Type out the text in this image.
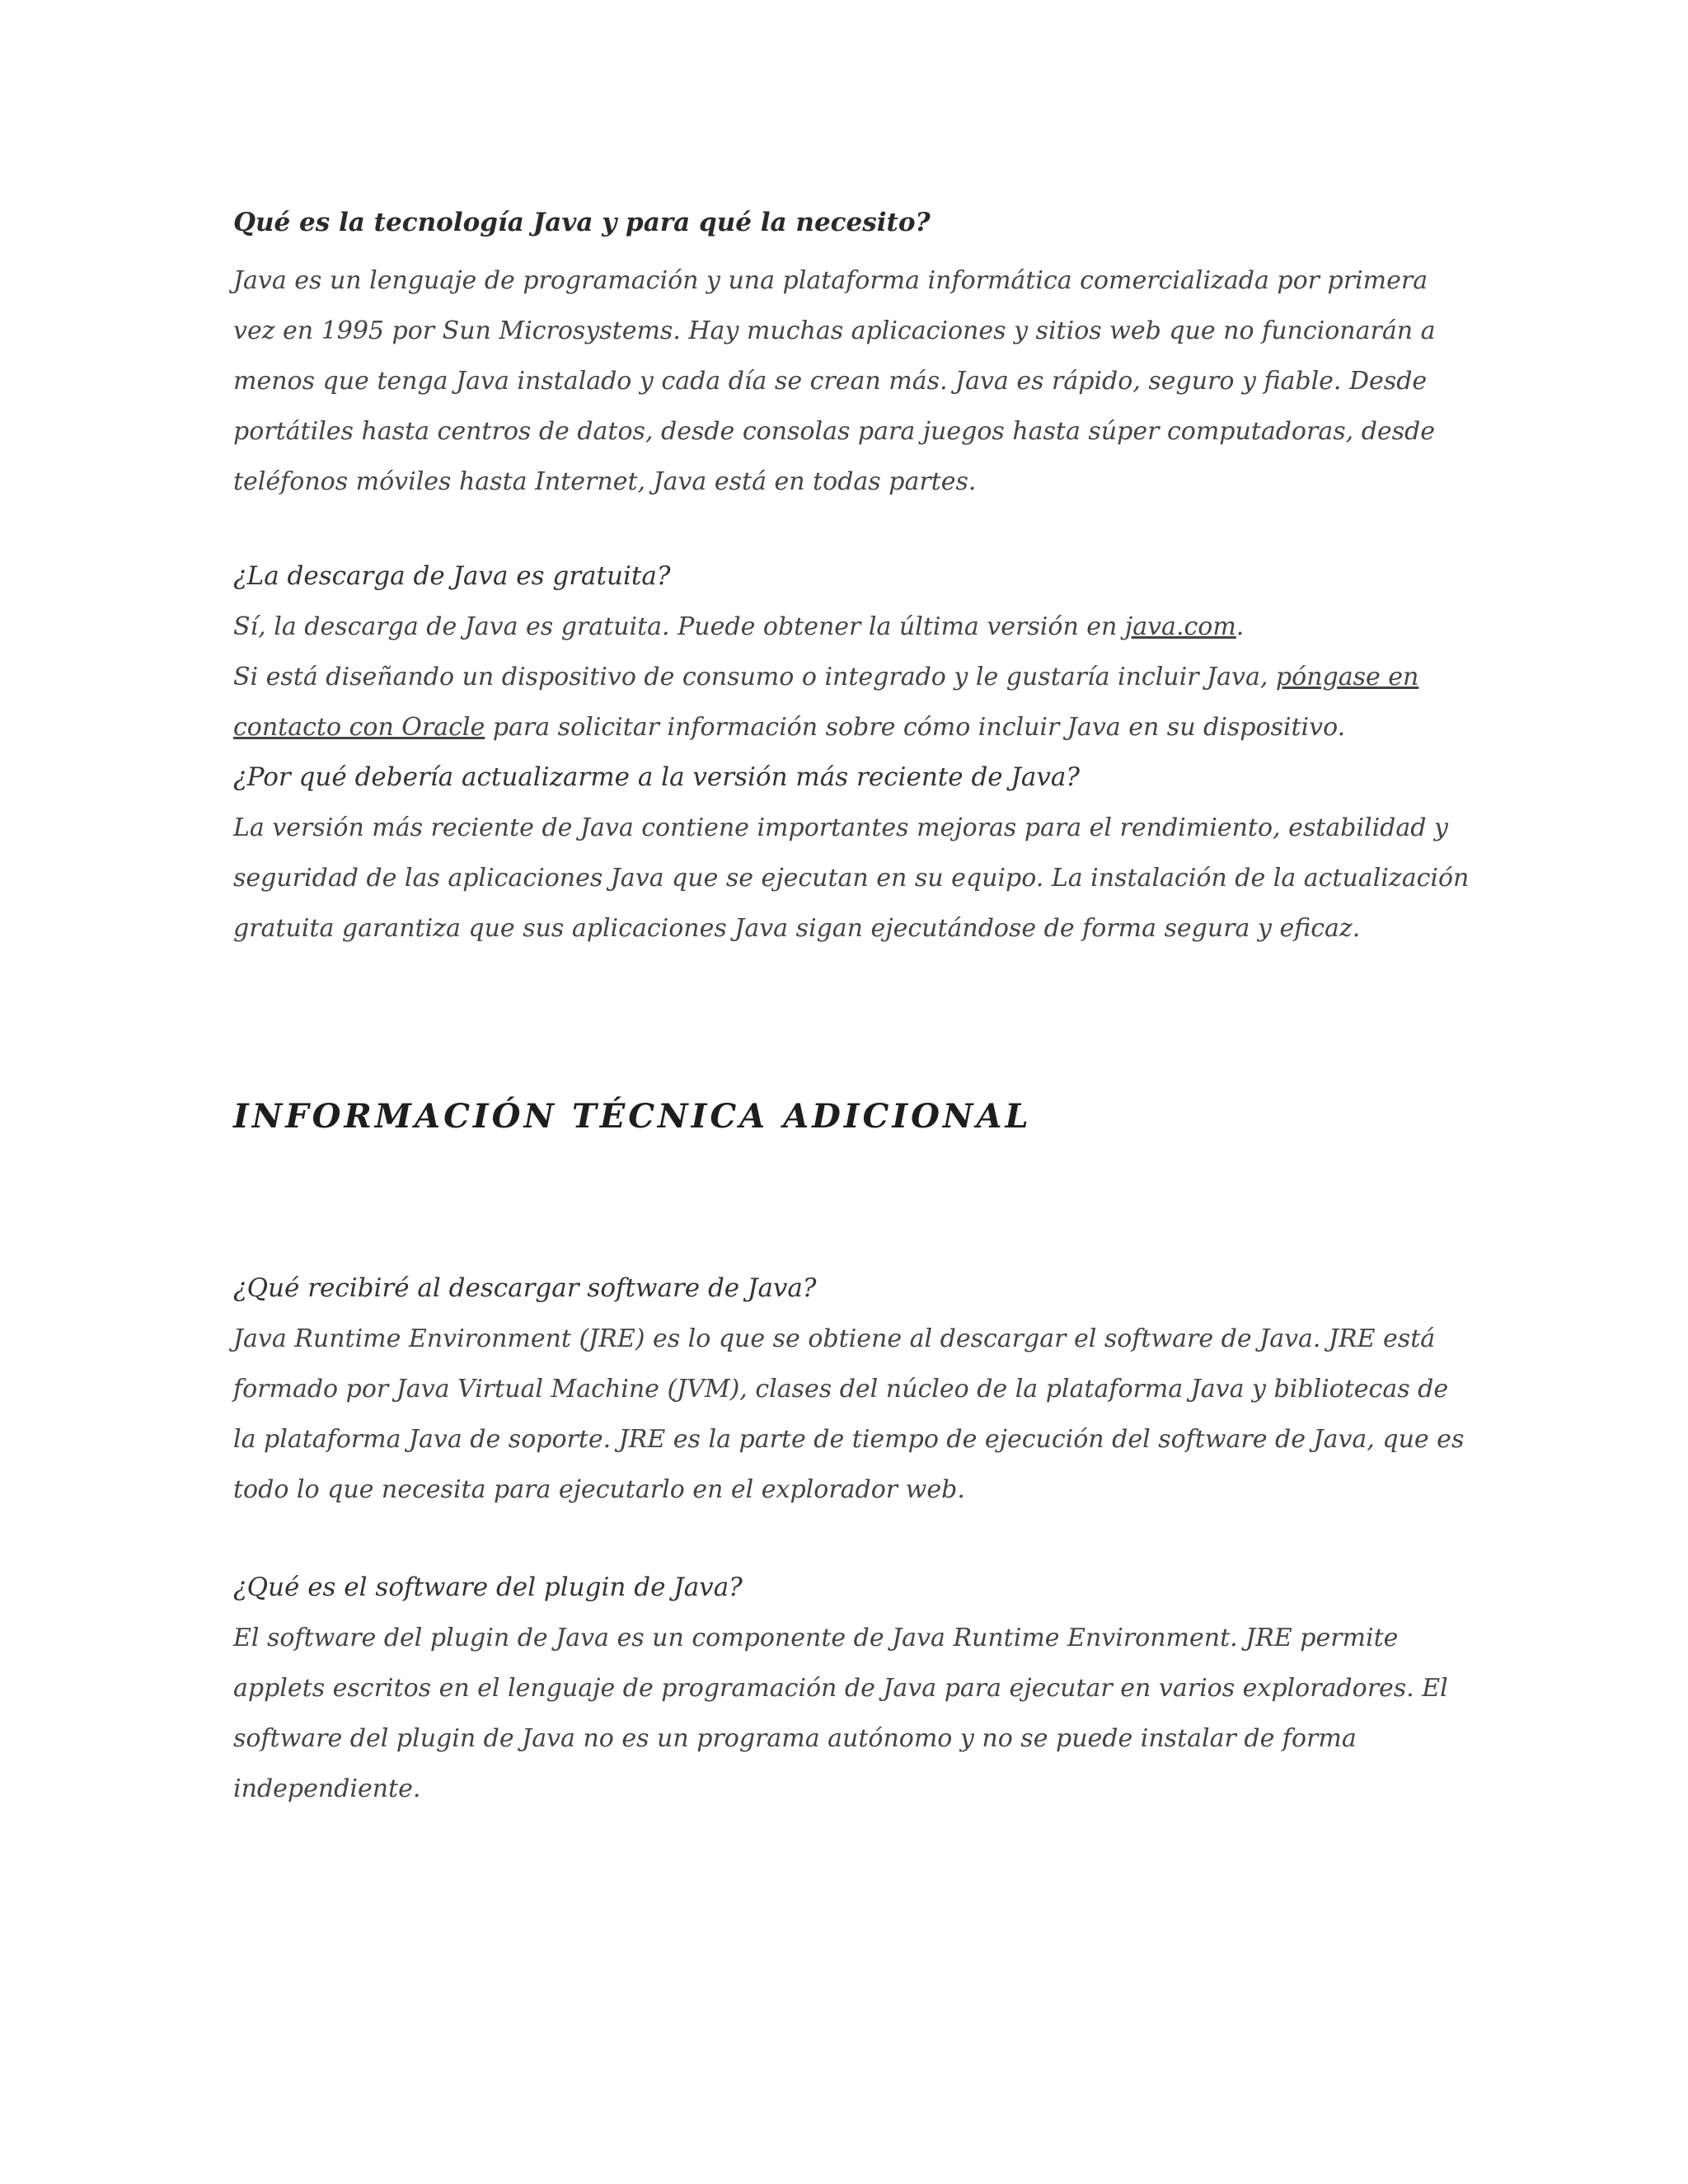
Qué es la tecnología Java y para qué la necesito?

Java es un lenguaje de programación y una plataforma informática comercializada por primera vez en 1995 por Sun Microsystems. Hay muchas aplicaciones y sitios web que no funcionarán a menos que tenga Java instalado y cada día se crean más. Java es rápido, seguro y fiable. Desde portátiles hasta centros de datos, desde consolas para juegos hasta súper computadoras, desde teléfonos móviles hasta Internet, Java está en todas partes.

¿La descarga de Java es gratuita?

Sí, la descarga de Java es gratuita. Puede obtener la última versión en java.com.

Si está diseñando un dispositivo de consumo o integrado y le gustaría incluir Java, póngase en contacto con Oracle para solicitar información sobre cómo incluir Java en su dispositivo.

¿Por qué debería actualizarme a la versión más reciente de Java?

La versión más reciente de Java contiene importantes mejoras para el rendimiento, estabilidad y seguridad de las aplicaciones Java que se ejecutan en su equipo. La instalación de la actualización gratuita garantiza que sus aplicaciones Java sigan ejecutándose de forma segura y eficaz.

INFORMACIÓN TÉCNICA ADICIONAL

¿Qué recibiré al descargar software de Java?

Java Runtime Environment (JRE) es lo que se obtiene al descargar el software de Java. JRE está formado por Java Virtual Machine (JVM), clases del núcleo de la plataforma Java y bibliotecas de la plataforma Java de soporte. JRE es la parte de tiempo de ejecución del software de Java, que es todo lo que necesita para ejecutarlo en el explorador web.

¿Qué es el software del plugin de Java?

El software del plugin de Java es un componente de Java Runtime Environment. JRE permite applets escritos en el lenguaje de programación de Java para ejecutar en varios exploradores. El software del plugin de Java no es un programa autónomo y no se puede instalar de forma independiente.
